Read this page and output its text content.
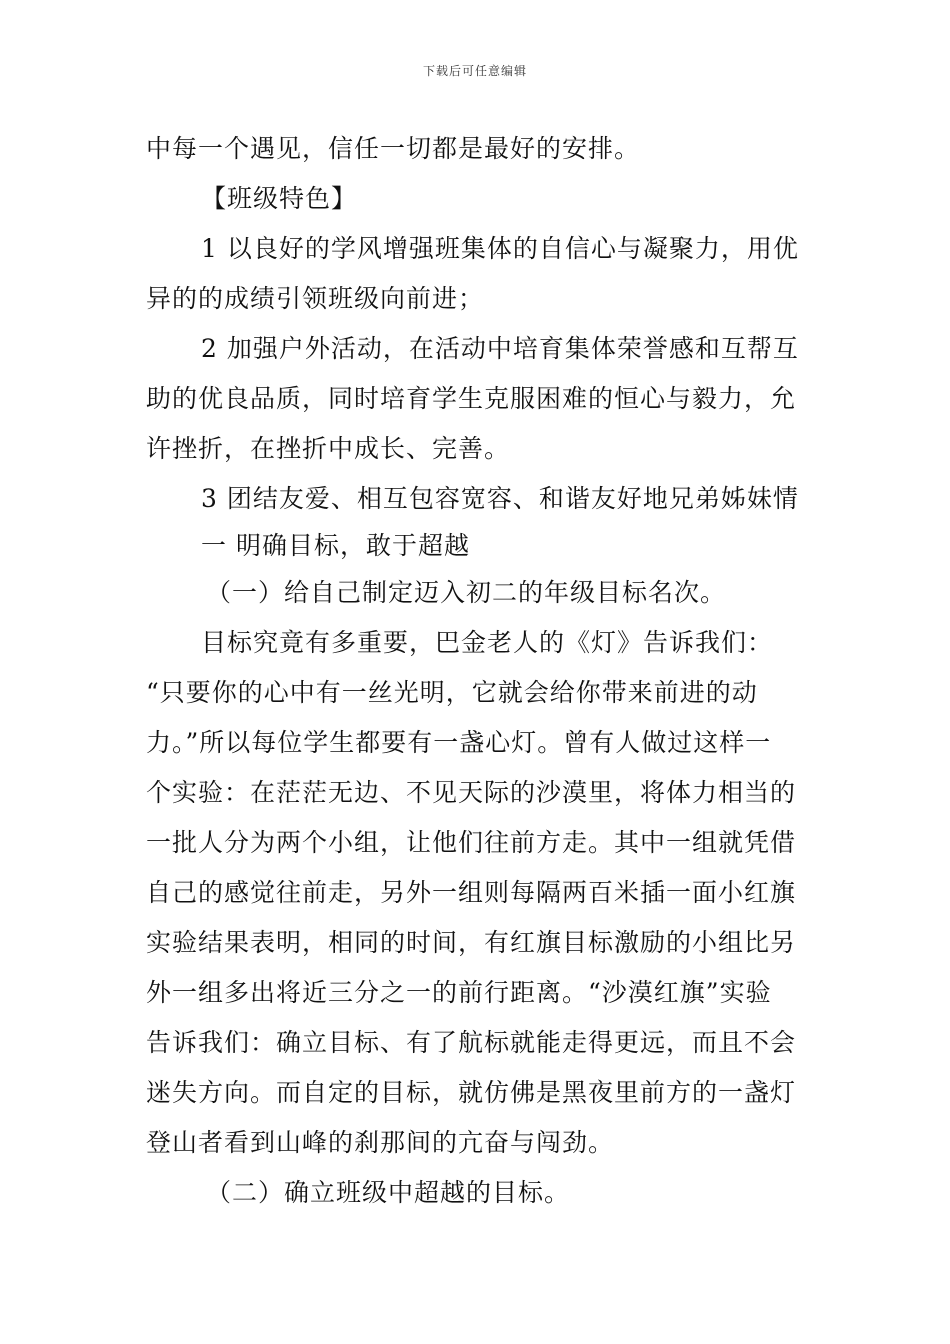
下载后可任意编辑
中每一个遇见，信任一切都是最好的安排。
【班级特色】
1 以良好的学风增强班集体的自信心与凝聚力，用优
异的的成绩引领班级向前进；
2 加强户外活动，在活动中培育集体荣誉感和互帮互
助的优良品质，同时培育学生克服困难的恒心与毅力，允
许挫折，在挫折中成长、完善。
3 团结友爱、相互包容宽容、和谐友好地兄弟姊妹情
一 明确目标，敢于超越
（一）给自己制定迈入初二的年级目标名次。
目标究竟有多重要，巴金老人的《灯》告诉我们：
“只要你的心中有一丝光明，它就会给你带来前进的动
力。”所以每位学生都要有一盏心灯。曾有人做过这样一
个实验：在茫茫无边、不见天际的沙漠里，将体力相当的
一批人分为两个小组，让他们往前方走。其中一组就凭借
自己的感觉往前走，另外一组则每隔两百米插一面小红旗
实验结果表明，相同的时间，有红旗目标激励的小组比另
外一组多出将近三分之一的前行距离。“沙漠红旗”实验
告诉我们：确立目标、有了航标就能走得更远，而且不会
迷失方向。而自定的目标，就仿佛是黑夜里前方的一盏灯
登山者看到山峰的刹那间的亢奋与闯劲。
（二）确立班级中超越的目标。
